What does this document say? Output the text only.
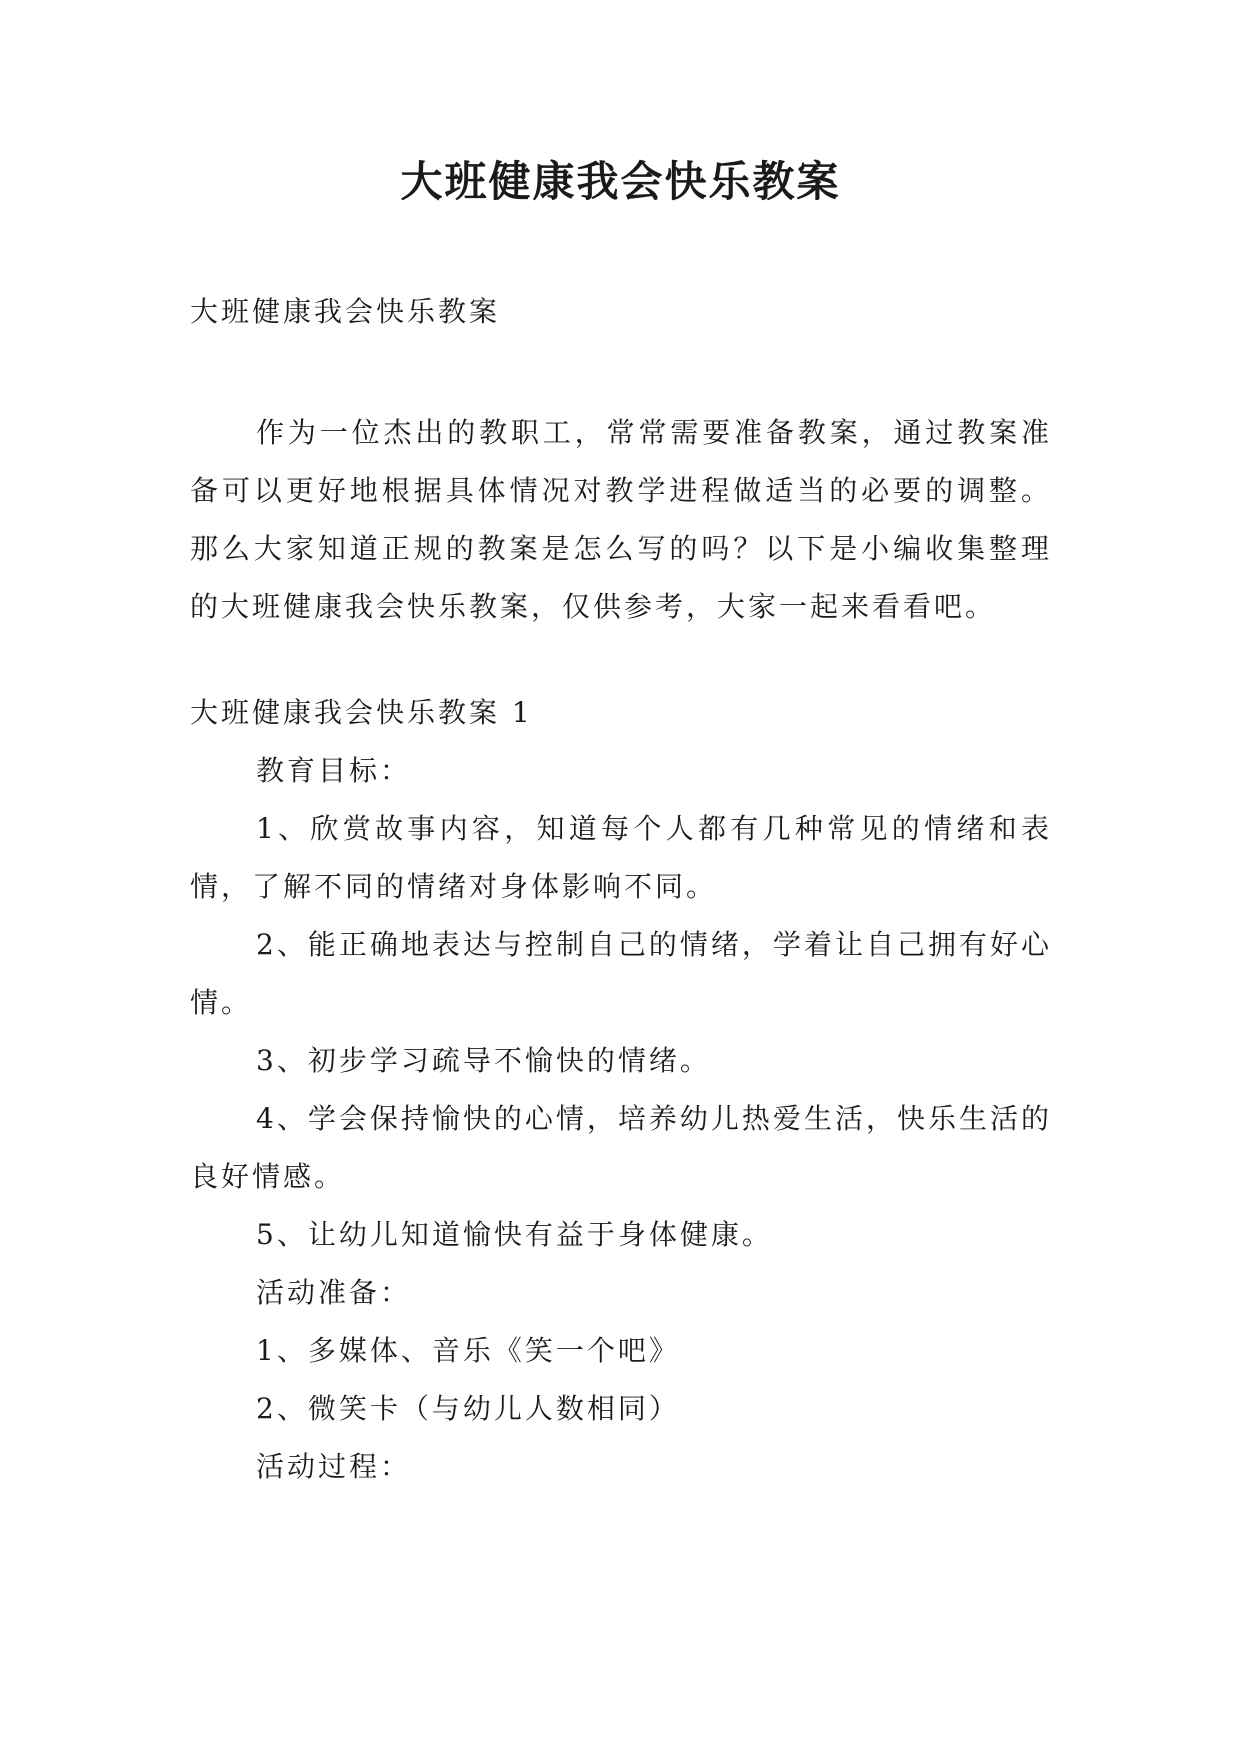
大班健康我会快乐教案
大班健康我会快乐教案

作为一位杰出的教职工，常常需要准备教案，通过教案准备可以更好地根据具体情况对教学进程做适当的必要的调整。那么大家知道正规的教案是怎么写的吗？以下是小编收集整理的大班健康我会快乐教案，仅供参考，大家一起来看看吧。

大班健康我会快乐教案 1

教育目标：

1、欣赏故事内容，知道每个人都有几种常见的情绪和表情，了解不同的情绪对身体影响不同。

2、能正确地表达与控制自己的情绪，学着让自己拥有好心情。

3、初步学习疏导不愉快的情绪。

4、学会保持愉快的心情，培养幼儿热爱生活，快乐生活的良好情感。

5、让幼儿知道愉快有益于身体健康。

活动准备：

1、多媒体、音乐《笑一个吧》

2、微笑卡（与幼儿人数相同）

活动过程：
